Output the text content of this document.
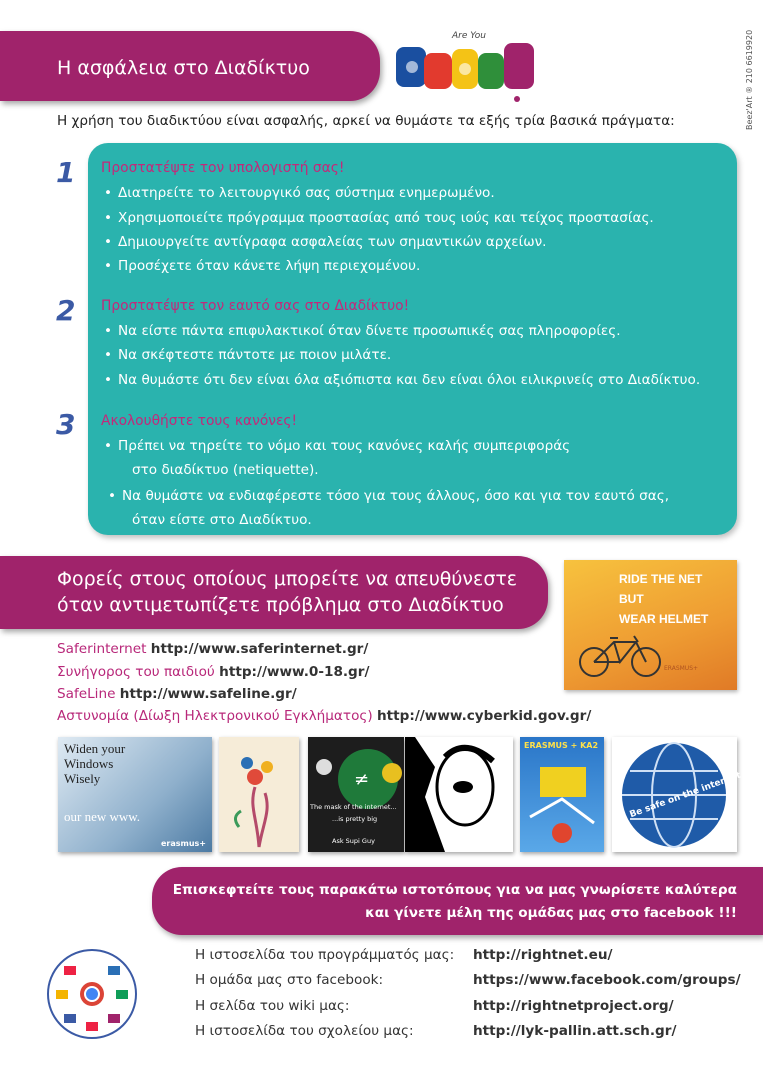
Η ασφάλεια στο Διαδίκτυο
Are You	Beez'Art ® 210 6619920
Η χρήση του διαδικτύου είναι ασφαλής, αρκεί να θυμάστε τα εξής τρία βασικά πράγματα:
1 Προστατέψτε τον υπολογιστή σας!
• Διατηρείτε το λειτουργικό σας σύστημα ενημερωμένο.
• Χρησιμοποιείτε πρόγραμμα προστασίας από τους ιούς και τείχος προστασίας.
• Δημιουργείτε αντίγραφα ασφαλείας των σημαντικών αρχείων.
• Προσέχετε όταν κάνετε λήψη περιεχομένου.
2 Προστατέψτε τον εαυτό σας στο Διαδίκτυο!
• Να είστε πάντα επιφυλακτικοί όταν δίνετε προσωπικές σας πληροφορίες.
• Να σκέφτεστε πάντοτε με ποιον μιλάτε.
• Να θυμάστε ότι δεν είναι όλα αξιόπιστα και δεν είναι όλοι ειλικρινείς στο Διαδίκτυο.
3 Ακολουθήστε τους κανόνες!
• Πρέπει να τηρείτε το νόμο και τους κανόνες καλής συμπεριφοράς
στο διαδίκτυο (netiquette).
• Να θυμάστε να ενδιαφέρεστε τόσο για τους άλλους, όσο και για τον εαυτό σας,
όταν είστε στο Διαδίκτυο.
Φορείς στους οποίους μπορείτε να απευθύνεστε
όταν αντιμετωπίζετε πρόβλημα στο Διαδίκτυο
RIDE THE NET
BUT
WEAR HELMET
ERASMUS+
Saferinternet http://www.saferinternet.gr/
Συνήγορος του παιδιού http://www.0-18.gr/
SafeLine http://www.safeline.gr/
Αστυνομία (Δίωξη Ηλεκτρονικού Εγκλήματος) http://www.cyberkid.gov.gr/
Widen your
Windows
Wisely
our new www.
erasmus+
≠
The mask of the internet...
...is pretty big
Ask Supi Guy
ERASMUS + KA2
Be safe on the internet too
Επισκεφτείτε τους παρακάτω ιστοτόπους για να μας γνωρίσετε καλύτερα
και γίνετε μέλη της ομάδας μας στο facebook !!!
Η ιστοσελίδα του προγράμματός μας: http://rightnet.eu/
Η ομάδα μας στο facebook:	https://www.facebook.com/groups/
Η σελίδα του wiki μας:	http://rightnetproject.org/
Η ιστοσελίδα του σχολείου μας:	http://lyk-pallin.att.sch.gr/
